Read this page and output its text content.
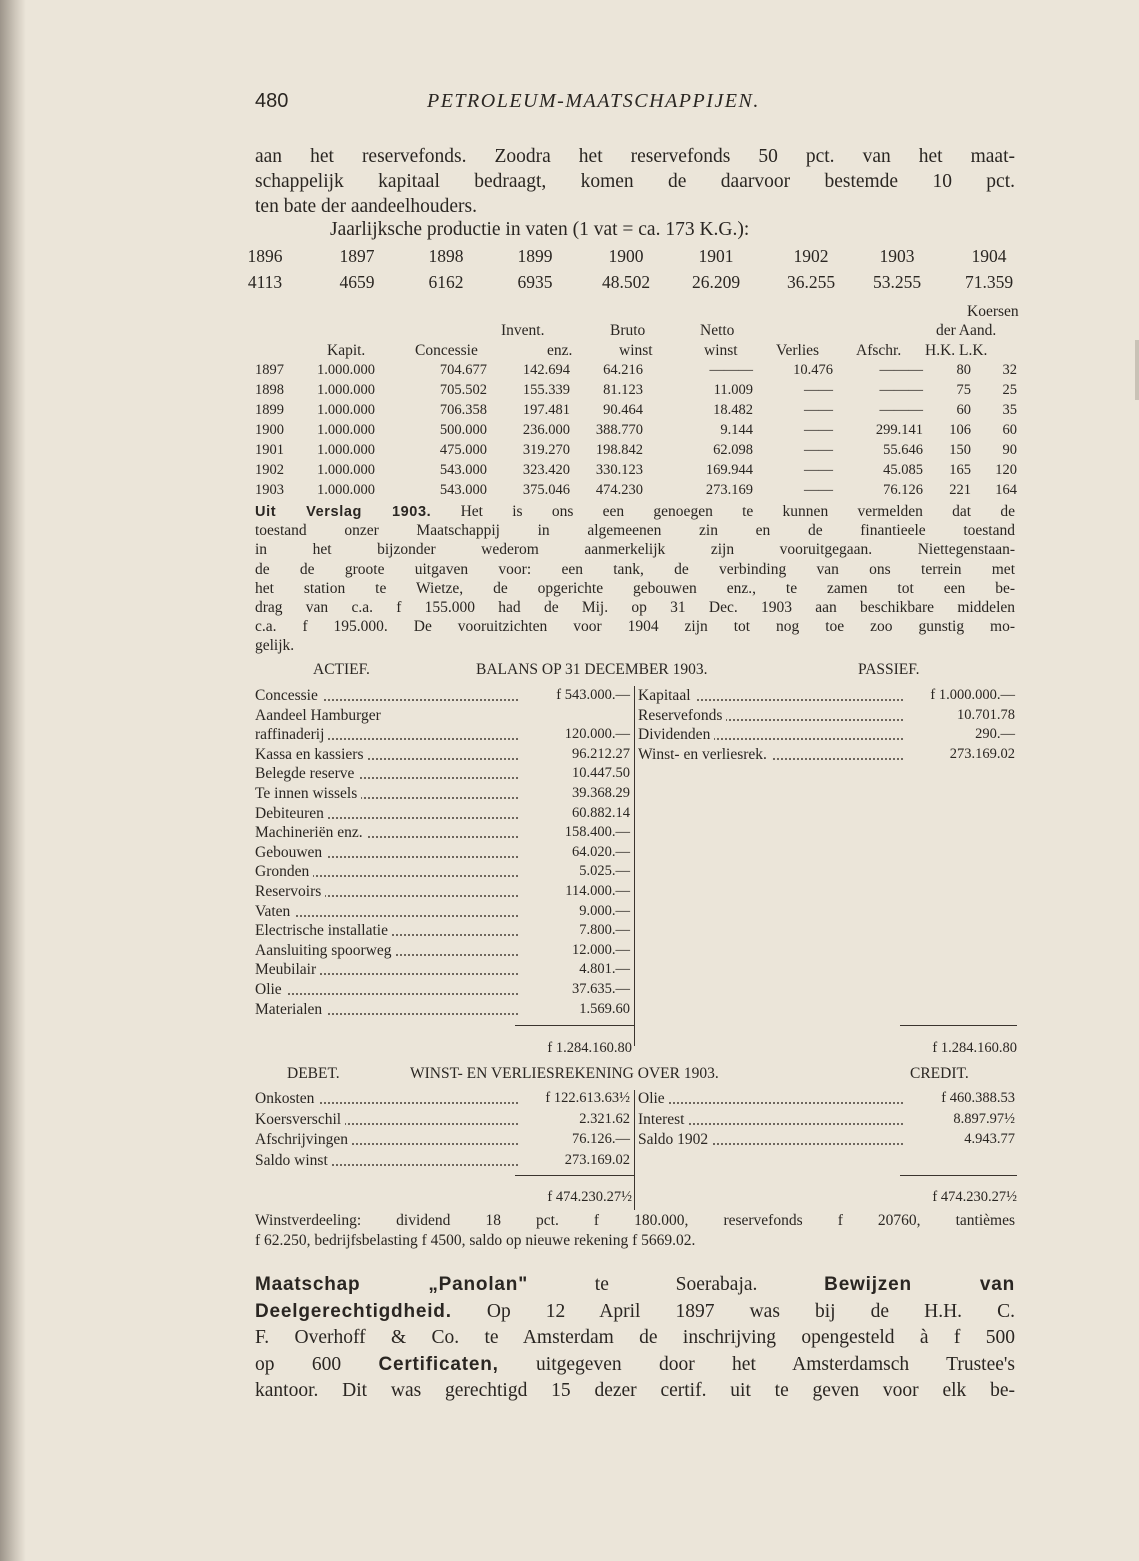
480	PETROLEUM-MAATSCHAPPIJEN.
aan het reservefonds. Zoodra het reservefonds 50 pct. van het maat-
schappelijk kapitaal bedraagt, komen de daarvoor bestemde 10 pct.
ten bate der aandeelhouders.
Jaarlijksche productie in vaten (1 vat = ca. 173 K.G.):
1896	1897	1898	1899	1900	1901	1902	1903	1904
4113	4659	6162	6935	48.502 26.209	36.255 53.255	71.359
Koersen
Invent.	Bruto	Netto	der Aand.
Kapit.	Concessie	enz.	winst	winst Verlies Afschr. H.K. L.K.
1897 1.000.000	704.677 142.694 64.216	———	10.476	——— 80 32
1898 1.000.000	705.502 155.339 81.123	11.009	——	——— 75 25
1899 1.000.000	706.358 197.481 90.464	18.482	——	——— 60 35
1900 1.000.000	500.000 236.000 388.770	9.144	——	299.141 106 60
1901 1.000.000	475.000 319.270 198.842	62.098	——	55.646 150 90
1902 1.000.000	543.000 323.420 330.123	169.944	——	45.085 165 120
1903 1.000.000	543.000 375.046 474.230	273.169	——	76.126 221 164
Uit Verslag 1903. Het is ons een genoegen te kunnen vermelden dat de
toestand onzer Maatschappij in algemeenen zin en de finantieele toestand
in het bijzonder wederom aanmerkelijk zijn vooruitgegaan. Niettegenstaan-
de de groote uitgaven voor: een tank, de verbinding van ons terrein met
het station te Wietze, de opgerichte gebouwen enz., te zamen tot een be-
drag van c.a. f 155.000 had de Mij. op 31 Dec. 1903 aan beschikbare middelen
c.a. f 195.000. De vooruitzichten voor 1904 zijn tot nog toe zoo gunstig mo-
gelijk.
ACTIEF.	BALANS OP 31 DECEMBER 1903.	PASSIEF.
Concessie	f 543.000.—
Aandeel Hamburger
raffinaderij	120.000.—
Kassa en kassiers	96.212.27
Belegde reserve	10.447.50
Te innen wissels	39.368.29
Debiteuren	60.882.14
Machineriën enz.	158.400.—
Gebouwen	64.020.—
Gronden	5.025.—
Reservoirs	114.000.—
Vaten	9.000.—
Electrische installatie	7.800.—
Aansluiting spoorweg	12.000.—
Meubilair	4.801.—
Olie	37.635.—
Materialen	1.569.60
Kapitaal	f 1.000.000.—
Reservefonds	10.701.78
Dividenden	290.—
Winst- en verliesrek.	273.169.02
f 1.284.160.80	f 1.284.160.80
DEBET.	WINST- EN VERLIESREKENING OVER 1903.	CREDIT.
Onkosten	f 122.613.63½
Koersverschil	2.321.62
Afschrijvingen	76.126.—
Saldo winst	273.169.02
Olie	f 460.388.53
Interest	8.897.97½
Saldo 1902	4.943.77
f 474.230.27½	f 474.230.27½
Winstverdeeling: dividend 18 pct. f 180.000, reservefonds f 20760, tantièmes
f 62.250, bedrijfsbelasting f 4500, saldo op nieuwe rekening f 5669.02.
Maatschap „Panolan"	te Soerabaja.	Bewijzen van
Deelgerechtigdheid. Op 12 April 1897 was bij de H.H. C.
F. Overhoff & Co. te Amsterdam de inschrijving opengesteld à f 500
op 600 Certificaten, uitgegeven door het Amsterdamsch Trustee's
kantoor. Dit was gerechtigd 15 dezer certif. uit te geven voor elk be-
